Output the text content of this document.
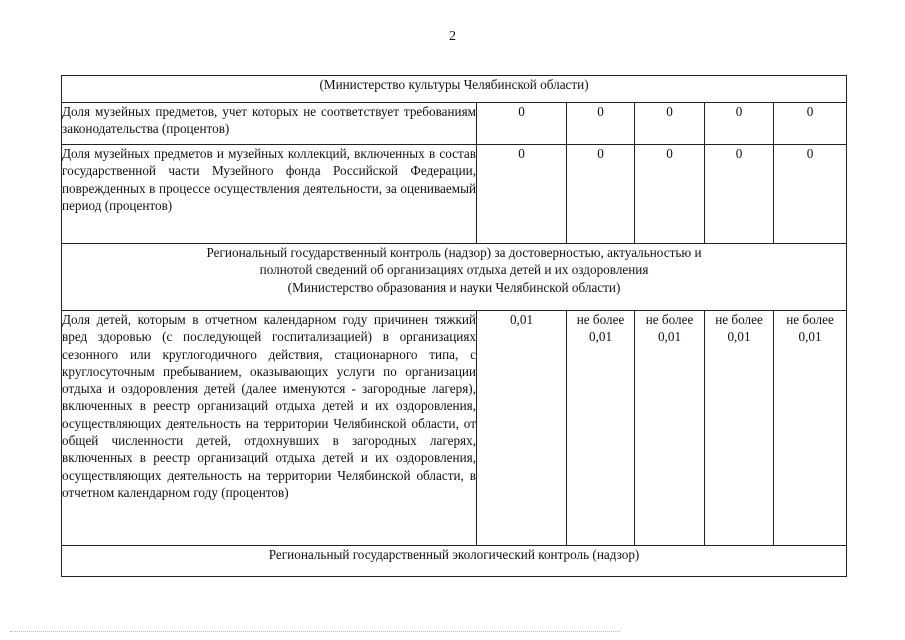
2
(Министерство культуры Челябинской области)					

Доля музейных предметов, учет которых не соответствует требованиям законодательства (процентов)	0	0	0	0	0
Доля музейных предметов и музейных коллекций, включенных в состав государственной части Музейного фонда Российской Федерации, поврежденных в процессе осуществления деятельности, за оцениваемый период (процентов)	0	0	0	0	0

Региональный государственный контроль (надзор) за достоверностью, актуальностью и
полнотой сведений об организациях отдыха детей и их оздоровления
(Министерство образования и науки Челябинской области)					

Доля детей, которым в отчетном календарном году причинен тяжкий вред здоровью (с последующей госпитализацией) в организациях сезонного или круглогодичного действия, стационарного типа, с круглосуточным пребыванием, оказывающих услуги по организации отдыха и оздоровления детей (далее именуются - загородные лагеря), включенных в реестр организаций отдыха детей и их оздоровления, осуществляющих деятельность на территории Челябинской области, от общей численности детей, отдохнувших в загородных лагерях, включенных в реестр организаций отдыха детей и их оздоровления, осуществляющих деятельность на территории Челябинской области, в отчетном календарном году (процентов)	0,01	не более 0,01	не более 0,01	не более 0,01	не более 0,01

Региональный государственный экологический контроль (надзор)					
